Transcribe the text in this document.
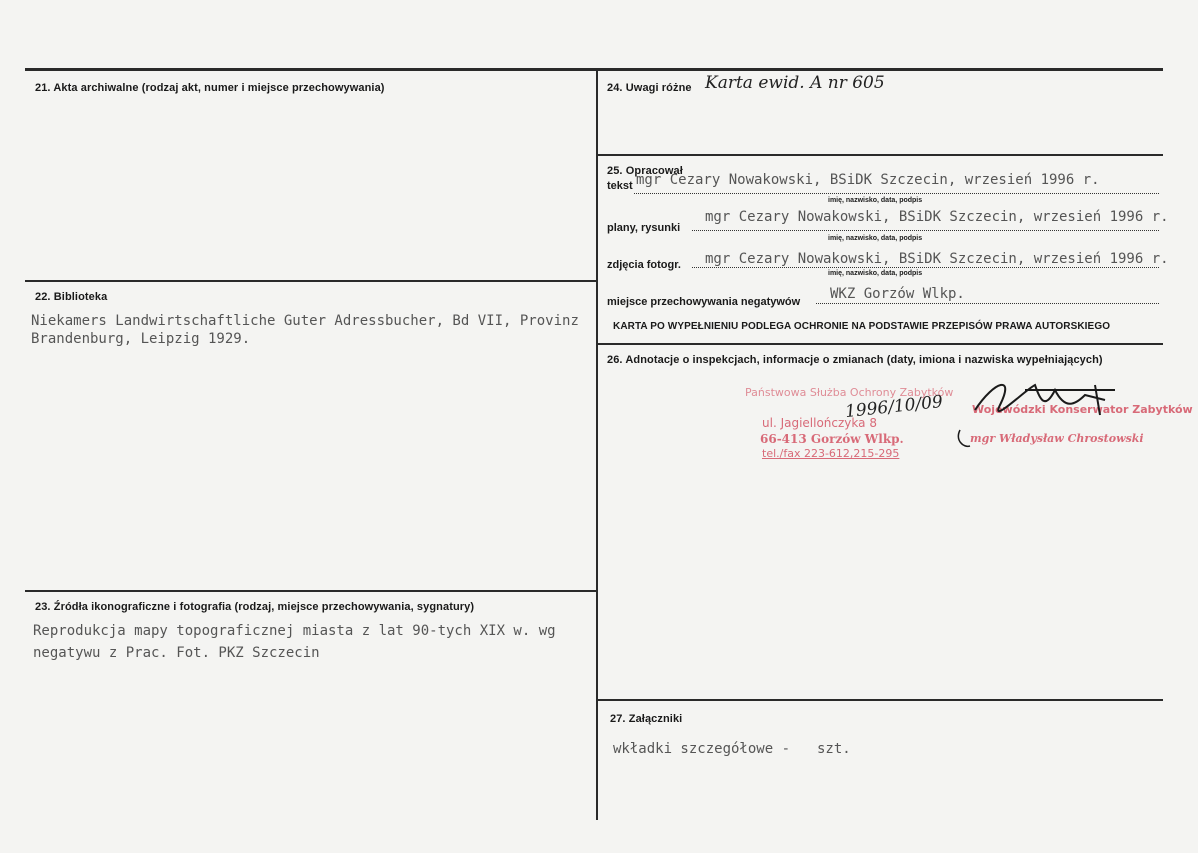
21. Akta archiwalne (rodzaj akt, numer i miejsce przechowywania)
22. Biblioteka
Niekamers Landwirtschaftliche Guter Adressbucher, Bd VII, Provinz
Brandenburg, Leipzig 1929.
23. Źródła ikonograficzne i fotografia (rodzaj, miejsce przechowywania, sygnatury)
Reprodukcja mapy topograficznej miasta z lat 90-tych XIX w. wg
negatywu z Prac. Fot. PKZ Szczecin
24. Uwagi różne Karta ewid. A nr 605
25. Opracował
tekst mgr Cezary Nowakowski, BSiDK Szczecin, wrzesień 1996 r.
imię, nazwisko, data, podpis
plany, rysunki
mgr Cezary Nowakowski, BSiDK Szczecin, wrzesień 1996 r.
imię, nazwisko, data, podpis
zdjęcia fotogr. mgr Cezary Nowakowski, BSiDK Szczecin, wrzesień 1996 r.
imię, nazwisko, data, podpis
miejsce przechowywania negatywów WKZ Gorzów Wlkp.
KARTA PO WYPEŁNIENIU PODLEGA OCHRONIE NA PODSTAWIE PRZEPISÓW PRAWA AUTORSKIEGO
26. Adnotacje o inspekcjach, informacje o zmianach (daty, imiona i nazwiska wypełniających)
Państwowa Służba Ochrony Zabytków
ul. Jagiellończyka 8
66-413 Gorzów Wlkp.
tel./fax 223-612,215-295
1996/10/09	Wojewódzki Konserwator Zabytków
mgr Władysław Chrostowski
27. Załączniki
wkładki szczegółowe - szt.
